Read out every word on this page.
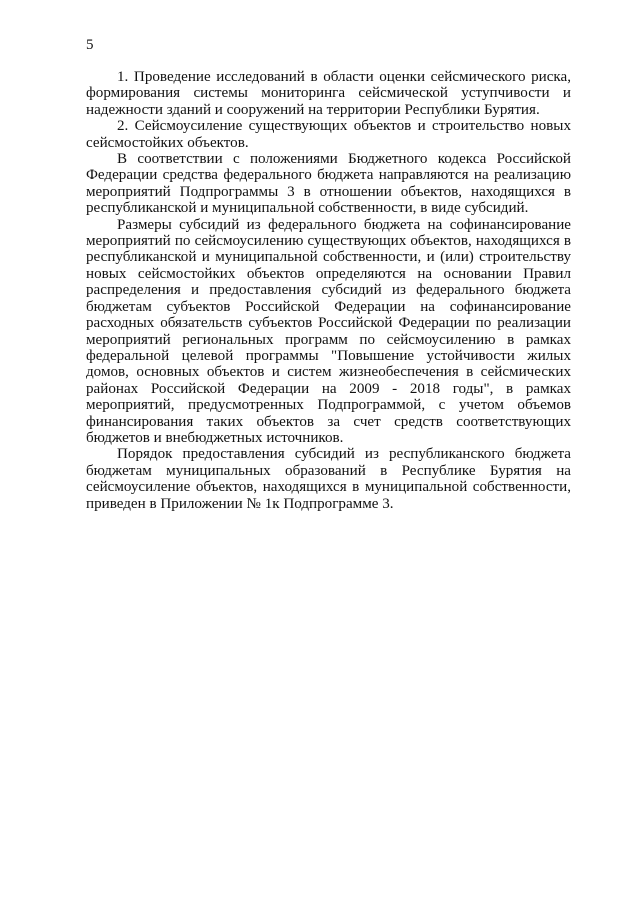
5

1. Проведение исследований в области оценки сейсмического риска, формирования системы мониторинга сейсмической уступчивости и надежности зданий и сооружений на территории Республики Бурятия.

2. Сейсмоусиление существующих объектов и строительство новых сейсмостойких объектов.

В соответствии с положениями Бюджетного кодекса Российской Федерации средства федерального бюджета направляются на реализацию мероприятий Подпрограммы 3 в отношении объектов, находящихся в республиканской и муниципальной собственности, в виде субсидий.

Размеры субсидий из федерального бюджета на софинансирование мероприятий по сейсмоусилению существующих объектов, находящихся в республиканской и муниципальной собственности, и (или) строительству новых сейсмостойких объектов определяются на основании Правил распределения и предоставления субсидий из федерального бюджета бюджетам субъектов Российской Федерации на софинансирование расходных обязательств субъектов Российской Федерации по реализации мероприятий региональных программ по сейсмоусилению в рамках федеральной целевой программы "Повышение устойчивости жилых домов, основных объектов и систем жизнеобеспечения в сейсмических районах Российской Федерации на 2009 - 2018 годы", в рамках мероприятий, предусмотренных Подпрограммой, с учетом объемов финансирования таких объектов за счет средств соответствующих бюджетов и внебюджетных источников.

Порядок предоставления субсидий из республиканского бюджета бюджетам муниципальных образований в Республике Бурятия на сейсмоусиление объектов, находящихся в муниципальной собственности, приведен в Приложении № 1к Подпрограмме 3.
